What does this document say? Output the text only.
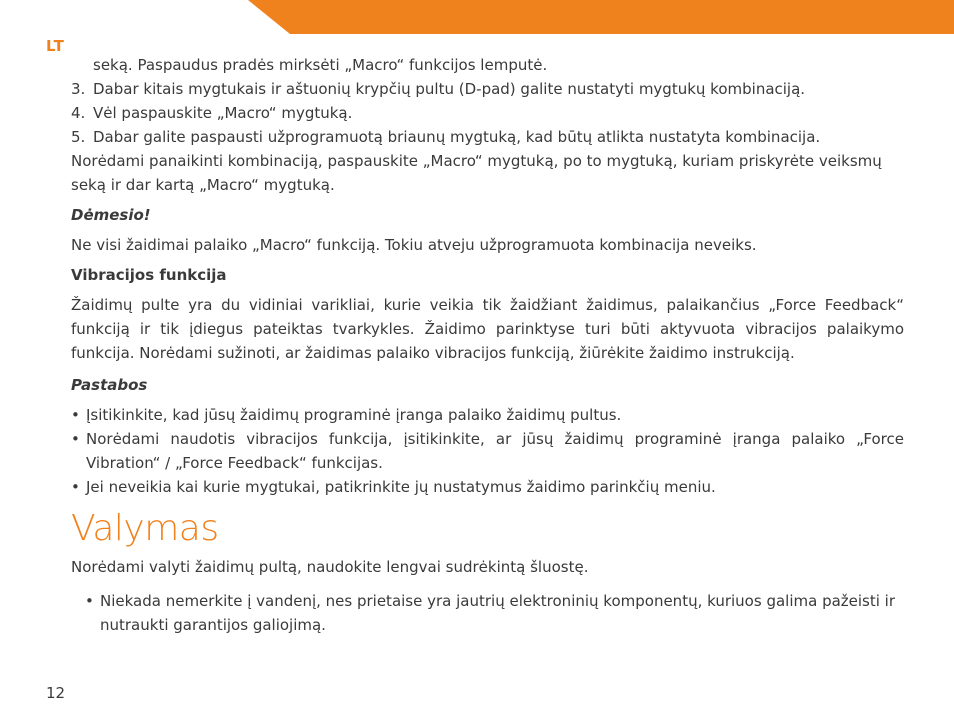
LT

seką. Paspaudus pradės mirksėti „Macro“ funkcijos lemputė.

3. Dabar kitais mygtukais ir aštuonių krypčių pultu (D-pad) galite nustatyti mygtukų kombinaciją.
4. Vėl paspauskite „Macro“ mygtuką.
5. Dabar galite paspausti užprogramuotą briaunų mygtuką, kad būtų atlikta nustatyta kombinacija.

Norėdami panaikinti kombinaciją, paspauskite „Macro“ mygtuką, po to mygtuką, kuriam priskyrėte veiksmų seką ir dar kartą „Macro“ mygtuką.

Dėmesio!

Ne visi žaidimai palaiko „Macro“ funkciją. Tokiu atveju užprogramuota kombinacija neveiks.

Vibracijos funkcija

Žaidimų pulte yra du vidiniai varikliai, kurie veikia tik žaidžiant žaidimus, palaikančius „Force Feedback“ funkciją ir tik įdiegus pateiktas tvarkykles. Žaidimo parinktyse turi būti aktyvuota vibracijos palaikymo funkcija. Norėdami sužinoti, ar žaidimas palaiko vibracijos funkciją, žiūrėkite žaidimo instrukciją.

Pastabos

• Įsitikinkite, kad jūsų žaidimų programinė įranga palaiko žaidimų pultus.
• Norėdami naudotis vibracijos funkcija, įsitikinkite, ar jūsų žaidimų programinė įranga palaiko „Force Vibration“ / „Force Feedback“ funkcijas.
• Jei neveikia kai kurie mygtukai, patikrinkite jų nustatymus žaidimo parinkčių meniu.
Valymas

Norėdami valyti žaidimų pultą, naudokite lengvai sudrėkintą šluostę.

• Niekada nemerkite į vandenį, nes prietaise yra jautrių elektroninių komponentų, kuriuos galima pažeisti ir nutraukti garantijos galiojimą.
12
